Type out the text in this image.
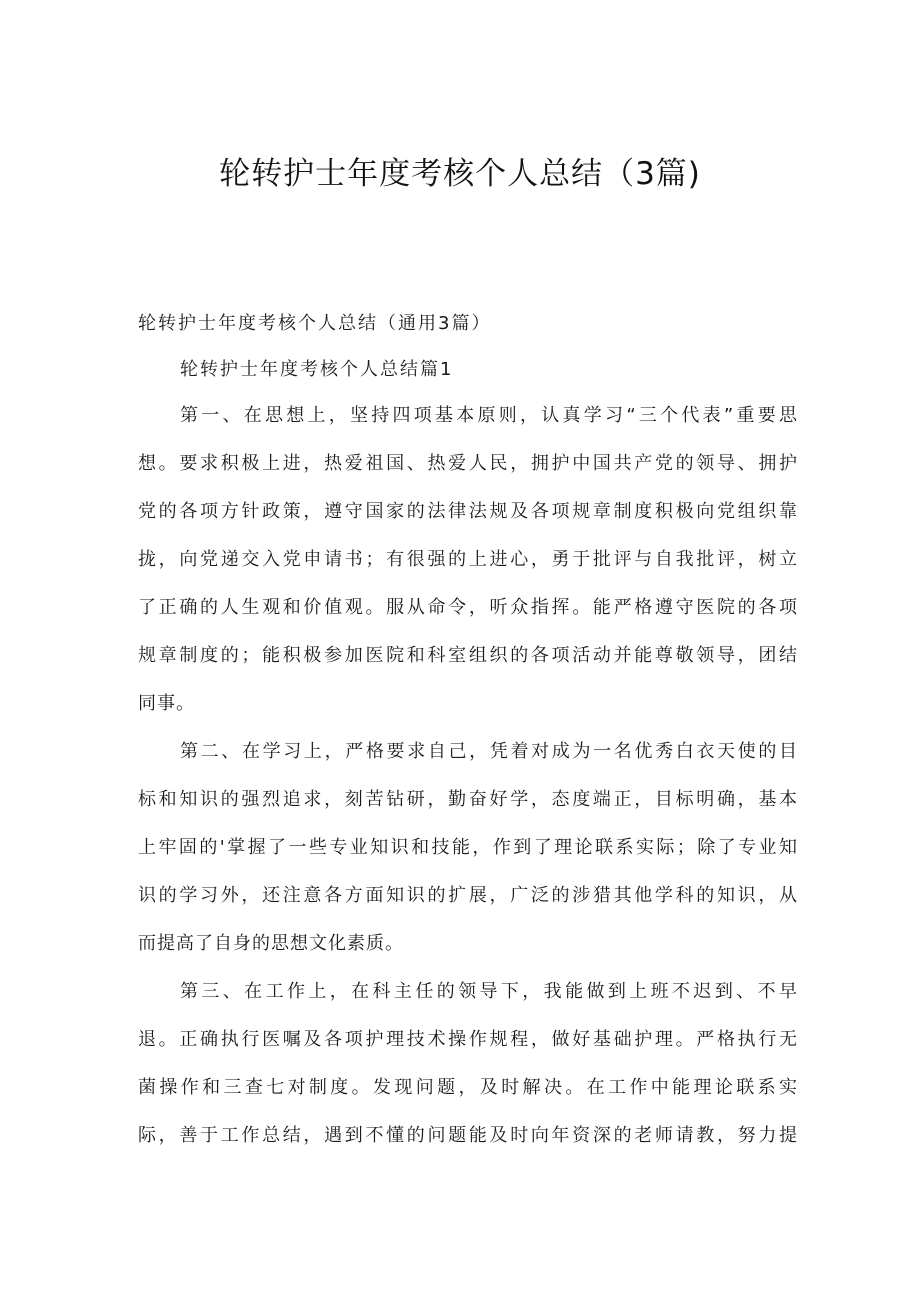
轮转护士年度考核个人总结（3篇)
轮转护士年度考核个人总结（通用3篇）
轮转护士年度考核个人总结篇1
第一、在思想上，坚持四项基本原则，认真学习“三个代表”重要思
想。要求积极上进，热爱祖国、热爱人民，拥护中国共产党的领导、拥护
党的各项方针政策，遵守国家的法律法规及各项规章制度积极向党组织靠
拢，向党递交入党申请书；有很强的上进心，勇于批评与自我批评，树立
了正确的人生观和价值观。服从命令，听众指挥。能严格遵守医院的各项
规章制度的；能积极参加医院和科室组织的各项活动并能尊敬领导，团结
同事。
第二、在学习上，严格要求自己，凭着对成为一名优秀白衣天使的目
标和知识的强烈追求，刻苦钻研，勤奋好学，态度端正，目标明确，基本
上牢固的'掌握了一些专业知识和技能，作到了理论联系实际；除了专业知
识的学习外，还注意各方面知识的扩展，广泛的涉猎其他学科的知识，从
而提高了自身的思想文化素质。
第三、在工作上，在科主任的领导下，我能做到上班不迟到、不早
退。正确执行医嘱及各项护理技术操作规程，做好基础护理。严格执行无
菌操作和三查七对制度。发现问题，及时解决。在工作中能理论联系实
际，善于工作总结，遇到不懂的问题能及时向年资深的老师请教，努力提
